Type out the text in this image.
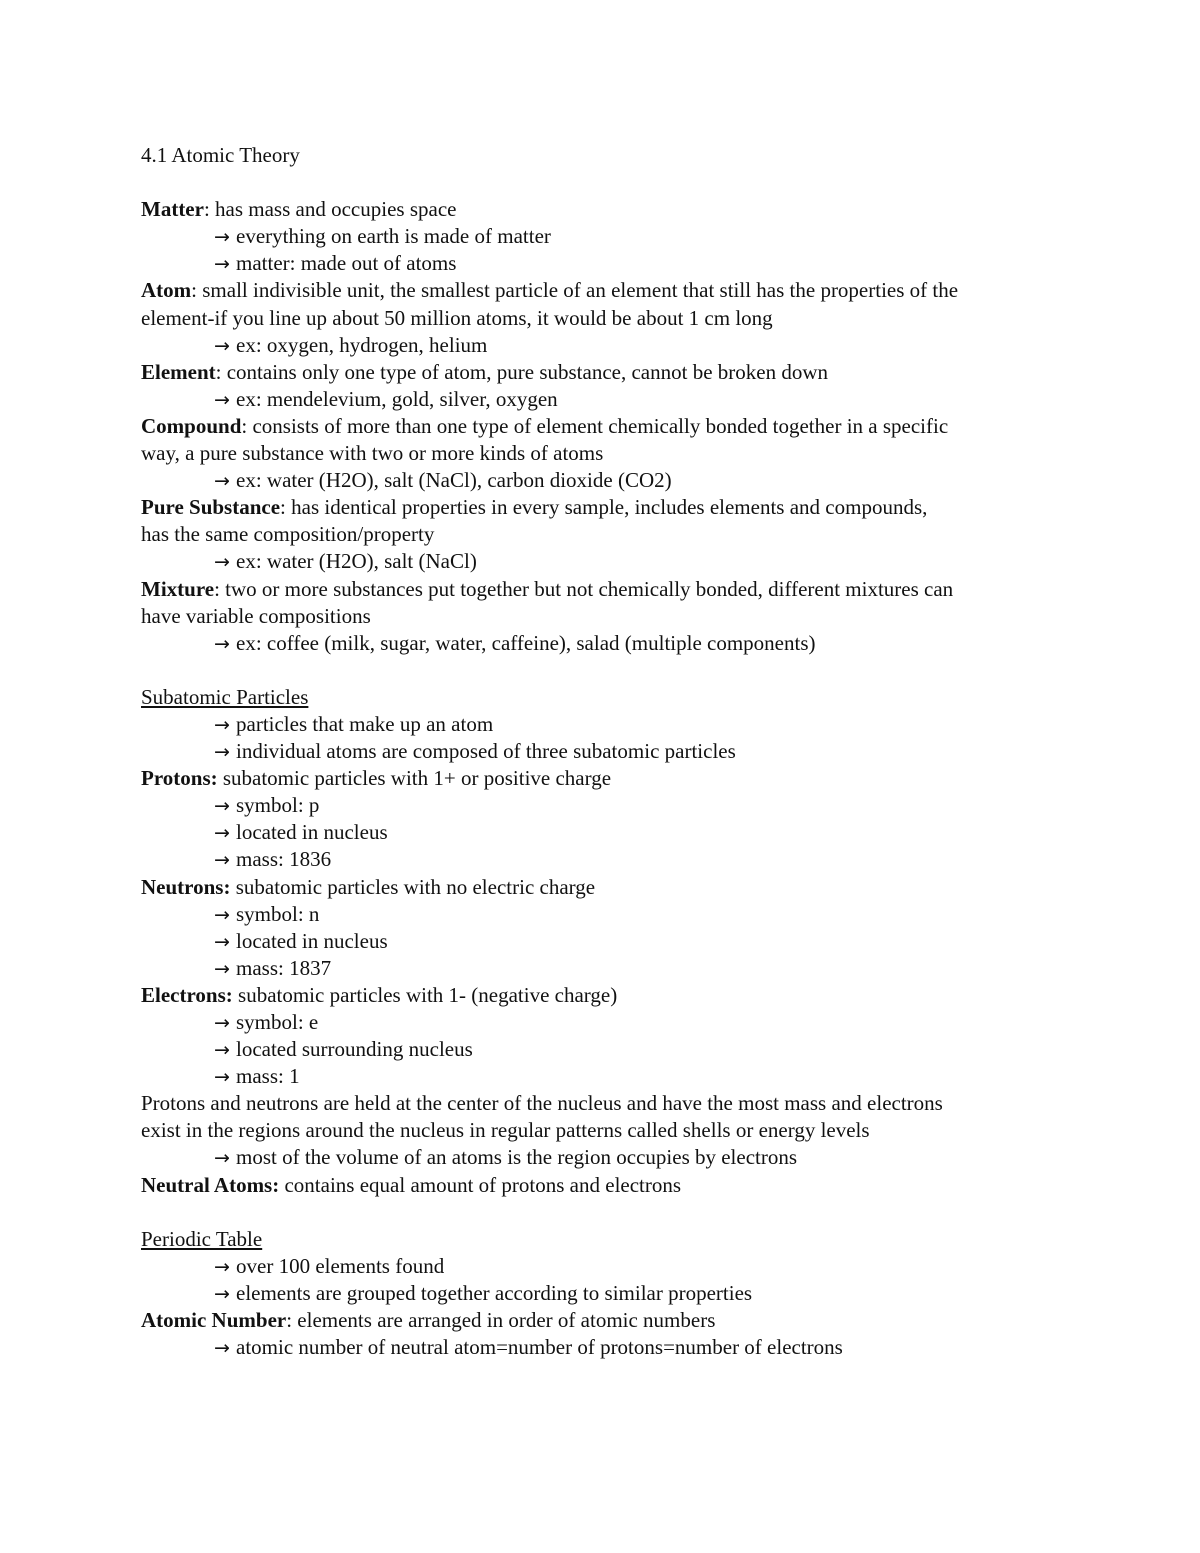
4.1 Atomic Theory
Matter: has mass and occupies space
→ everything on earth is made of matter
→ matter: made out of atoms
Atom: small indivisible unit, the smallest particle of an element that still has the properties of the
element-if you line up about 50 million atoms, it would be about 1 cm long
→ ex: oxygen, hydrogen, helium
Element: contains only one type of atom, pure substance, cannot be broken down
→ ex: mendelevium, gold, silver, oxygen
Compound: consists of more than one type of element chemically bonded together in a specific
way, a pure substance with two or more kinds of atoms
→ ex: water (H2O), salt (NaCl), carbon dioxide (CO2)
Pure Substance: has identical properties in every sample, includes elements and compounds,
has the same composition/property
→ ex: water (H2O), salt (NaCl)
Mixture: two or more substances put together but not chemically bonded, different mixtures can
have variable compositions
→ ex: coffee (milk, sugar, water, caffeine), salad (multiple components)
Subatomic Particles
→ particles that make up an atom
→ individual atoms are composed of three subatomic particles
Protons: subatomic particles with 1+ or positive charge
→ symbol: p
→ located in nucleus
→ mass: 1836
Neutrons: subatomic particles with no electric charge
→ symbol: n
→ located in nucleus
→ mass: 1837
Electrons: subatomic particles with 1- (negative charge)
→ symbol: e
→ located surrounding nucleus
→ mass: 1
Protons and neutrons are held at the center of the nucleus and have the most mass and electrons
exist in the regions around the nucleus in regular patterns called shells or energy levels
→ most of the volume of an atoms is the region occupies by electrons
Neutral Atoms: contains equal amount of protons and electrons
Periodic Table
→ over 100 elements found
→ elements are grouped together according to similar properties
Atomic Number: elements are arranged in order of atomic numbers
→ atomic number of neutral atom=number of protons=number of electrons
